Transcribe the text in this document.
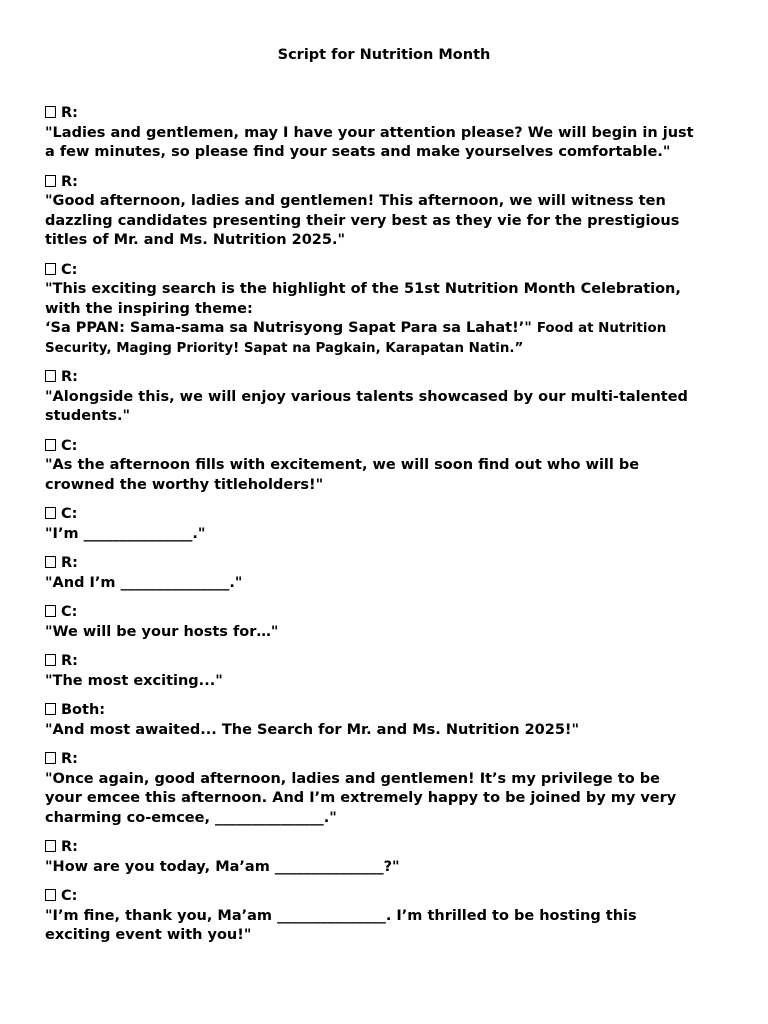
Script for Nutrition Month
R:
"Ladies and gentlemen, may I have your attention please? We will begin in just
a few minutes, so please find your seats and make yourselves comfortable."
R:
"Good afternoon, ladies and gentlemen! This afternoon, we will witness ten
dazzling candidates presenting their very best as they vie for the prestigious
titles of Mr. and Ms. Nutrition 2025."
C:
"This exciting search is the highlight of the 51st Nutrition Month Celebration,
with the inspiring theme:
‘Sa PPAN: Sama-sama sa Nutrisyong Sapat Para sa Lahat!’" Food at Nutrition
Security, Maging Priority! Sapat na Pagkain, Karapatan Natin.”
R:
"Alongside this, we will enjoy various talents showcased by our multi-talented
students."
C:
"As the afternoon fills with excitement, we will soon find out who will be
crowned the worthy titleholders!"
C:
"I’m _______________."
R:
"And I’m _______________."
C:
"We will be your hosts for…"
R:
"The most exciting..."
Both:
"And most awaited... The Search for Mr. and Ms. Nutrition 2025!"
R:
"Once again, good afternoon, ladies and gentlemen! It’s my privilege to be
your emcee this afternoon. And I’m extremely happy to be joined by my very
charming co-emcee, _______________."
R:
"How are you today, Ma’am _______________?"
C:
"I’m fine, thank you, Ma’am _______________. I’m thrilled to be hosting this
exciting event with you!"
